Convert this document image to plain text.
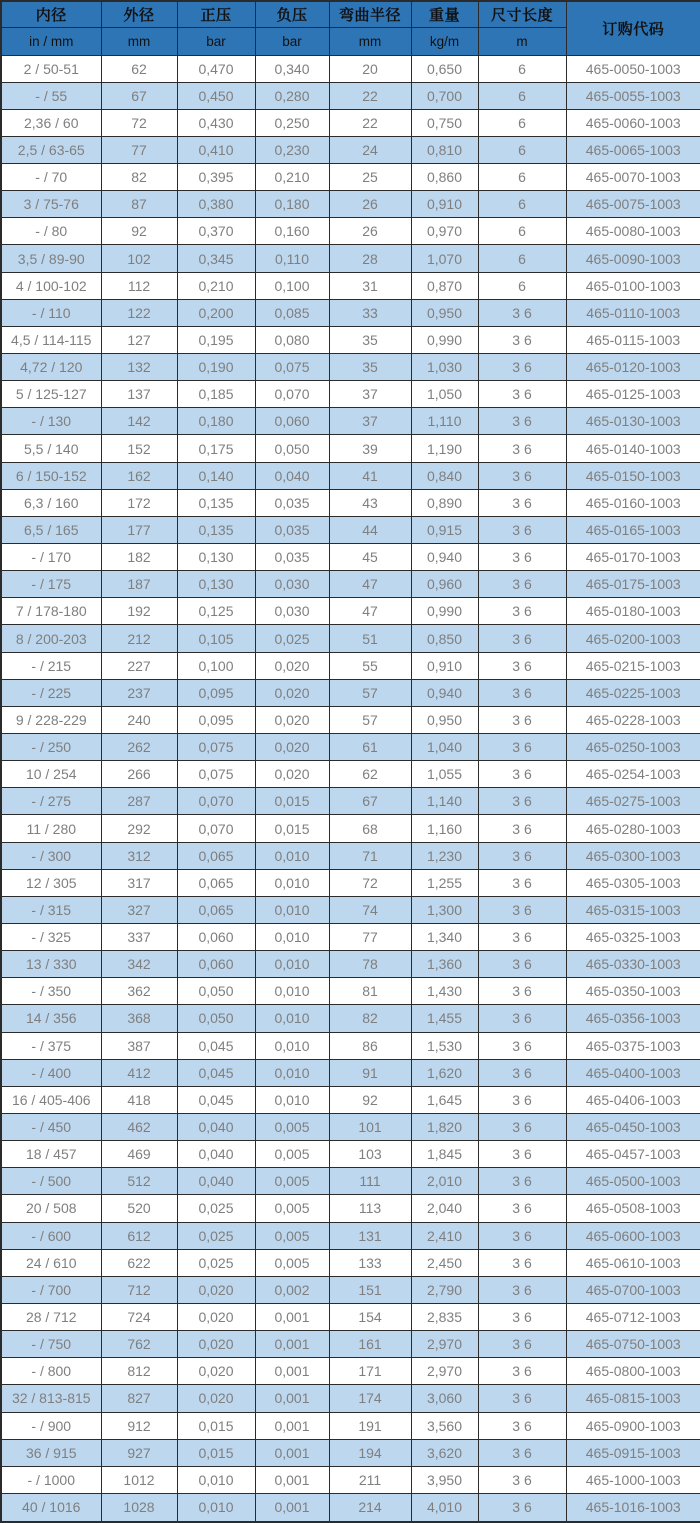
内径	外径	正压	负压	弯曲半径	重量	尺寸长度	订购代码
in / mm	mm	bar	bar	mm	kg/m	m	
2 / 50-51	62	0,470	0,340	20	0,650	6	465-0050-1003
- / 55	67	0,450	0,280	22	0,700	6	465-0055-1003
2,36 / 60	72	0,430	0,250	22	0,750	6	465-0060-1003
2,5 / 63-65	77	0,410	0,230	24	0,810	6	465-0065-1003
- / 70	82	0,395	0,210	25	0,860	6	465-0070-1003
3 / 75-76	87	0,380	0,180	26	0,910	6	465-0075-1003
- / 80	92	0,370	0,160	26	0,970	6	465-0080-1003
3,5 / 89-90	102	0,345	0,110	28	1,070	6	465-0090-1003
4 / 100-102	112	0,210	0,100	31	0,870	6	465-0100-1003
- / 110	122	0,200	0,085	33	0,950	3 6	465-0110-1003
4,5 / 114-115	127	0,195	0,080	35	0,990	3 6	465-0115-1003
4,72 / 120	132	0,190	0,075	35	1,030	3 6	465-0120-1003
5 / 125-127	137	0,185	0,070	37	1,050	3 6	465-0125-1003
- / 130	142	0,180	0,060	37	1,110	3 6	465-0130-1003
5,5 / 140	152	0,175	0,050	39	1,190	3 6	465-0140-1003
6 / 150-152	162	0,140	0,040	41	0,840	3 6	465-0150-1003
6,3 / 160	172	0,135	0,035	43	0,890	3 6	465-0160-1003
6,5 / 165	177	0,135	0,035	44	0,915	3 6	465-0165-1003
- / 170	182	0,130	0,035	45	0,940	3 6	465-0170-1003
- / 175	187	0,130	0,030	47	0,960	3 6	465-0175-1003
7 / 178-180	192	0,125	0,030	47	0,990	3 6	465-0180-1003
8 / 200-203	212	0,105	0,025	51	0,850	3 6	465-0200-1003
- / 215	227	0,100	0,020	55	0,910	3 6	465-0215-1003
- / 225	237	0,095	0,020	57	0,940	3 6	465-0225-1003
9 / 228-229	240	0,095	0,020	57	0,950	3 6	465-0228-1003
- / 250	262	0,075	0,020	61	1,040	3 6	465-0250-1003
10 / 254	266	0,075	0,020	62	1,055	3 6	465-0254-1003
- / 275	287	0,070	0,015	67	1,140	3 6	465-0275-1003
11 / 280	292	0,070	0,015	68	1,160	3 6	465-0280-1003
- / 300	312	0,065	0,010	71	1,230	3 6	465-0300-1003
12 / 305	317	0,065	0,010	72	1,255	3 6	465-0305-1003
- / 315	327	0,065	0,010	74	1,300	3 6	465-0315-1003
- / 325	337	0,060	0,010	77	1,340	3 6	465-0325-1003
13 / 330	342	0,060	0,010	78	1,360	3 6	465-0330-1003
- / 350	362	0,050	0,010	81	1,430	3 6	465-0350-1003
14 / 356	368	0,050	0,010	82	1,455	3 6	465-0356-1003
- / 375	387	0,045	0,010	86	1,530	3 6	465-0375-1003
- / 400	412	0,045	0,010	91	1,620	3 6	465-0400-1003
16 / 405-406	418	0,045	0,010	92	1,645	3 6	465-0406-1003
- / 450	462	0,040	0,005	101	1,820	3 6	465-0450-1003
18 / 457	469	0,040	0,005	103	1,845	3 6	465-0457-1003
- / 500	512	0,040	0,005	111	2,010	3 6	465-0500-1003
20 / 508	520	0,025	0,005	113	2,040	3 6	465-0508-1003
- / 600	612	0,025	0,005	131	2,410	3 6	465-0600-1003
24 / 610	622	0,025	0,005	133	2,450	3 6	465-0610-1003
- / 700	712	0,020	0,002	151	2,790	3 6	465-0700-1003
28 / 712	724	0,020	0,001	154	2,835	3 6	465-0712-1003
- / 750	762	0,020	0,001	161	2,970	3 6	465-0750-1003
- / 800	812	0,020	0,001	171	2,970	3 6	465-0800-1003
32 / 813-815	827	0,020	0,001	174	3,060	3 6	465-0815-1003
- / 900	912	0,015	0,001	191	3,560	3 6	465-0900-1003
36 / 915	927	0,015	0,001	194	3,620	3 6	465-0915-1003
- / 1000	1012	0,010	0,001	211	3,950	3 6	465-1000-1003
40 / 1016	1028	0,010	0,001	214	4,010	3 6	465-1016-1003
